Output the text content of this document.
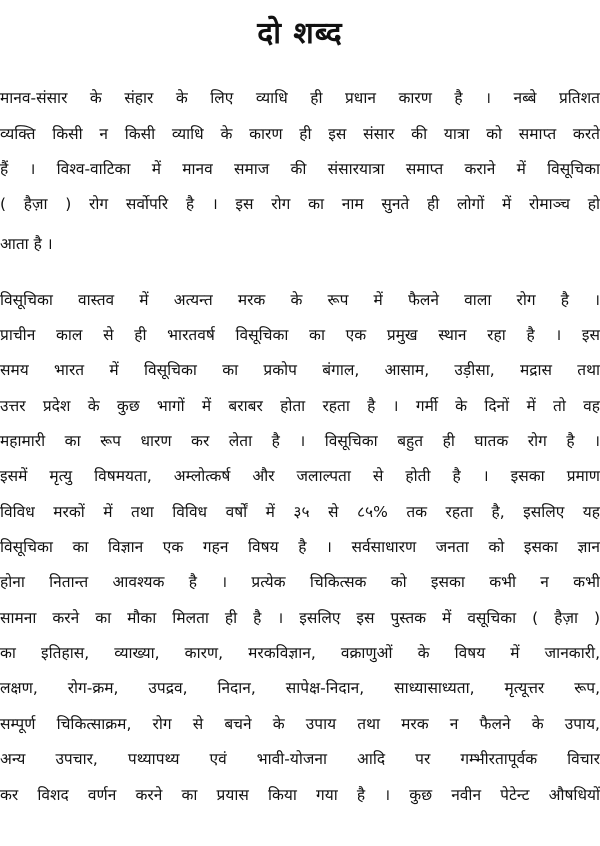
दो शब्द
मानव-संसार के संहार के लिए व्याधि ही प्रधान कारण है । नब्बे प्रतिशत
व्यक्ति किसी न किसी व्याधि के कारण ही इस संसार की यात्रा को समाप्त करते
हैं । विश्व-वाटिका में मानव समाज की संसारयात्रा समाप्त कराने में विसूचिका
( हैज़ा ) रोग सर्वोपरि है । इस रोग का नाम सुनते ही लोगों में रोमाञ्च हो
आता है ।
विसूचिका वास्तव में अत्यन्त मरक के रूप में फैलने वाला रोग है ।
प्राचीन काल से ही भारतवर्ष विसूचिका का एक प्रमुख स्थान रहा है । इस
समय भारत में विसूचिका का प्रकोप बंगाल, आसाम, उड़ीसा, मद्रास तथा
उत्तर प्रदेश के कुछ भागों में बराबर होता रहता है । गर्मी के दिनों में तो वह
महामारी का रूप धारण कर लेता है । विसूचिका बहुत ही घातक रोग है ।
इसमें मृत्यु विषमयता, अम्लोत्कर्ष और जलाल्पता से होती है । इसका प्रमाण
विविध मरकों में तथा विविध वर्षों में ३५ से ८५% तक रहता है, इसलिए यह
विसूचिका का विज्ञान एक गहन विषय है । सर्वसाधारण जनता को इसका ज्ञान
होना नितान्त आवश्यक है । प्रत्येक चिकित्सक को इसका कभी न कभी
सामना करने का मौका मिलता ही है । इसलिए इस पुस्तक में वसूचिका ( हैज़ा )
का इतिहास, व्याख्या, कारण, मरकविज्ञान, वक्राणुओं के विषय में जानकारी,
लक्षण, रोग-क्रम, उपद्रव, निदान, सापेक्ष-निदान, साध्यासाध्यता, मृत्यूत्तर रूप,
सम्पूर्ण चिकित्साक्रम, रोग से बचने के उपाय तथा मरक न फैलने के उपाय,
अन्य उपचार, पथ्यापथ्य एवं भावी-योजना आदि पर गम्भीरतापूर्वक विचार
कर विशद वर्णन करने का प्रयास किया गया है । कुछ नवीन पेटेन्ट औषधियों
